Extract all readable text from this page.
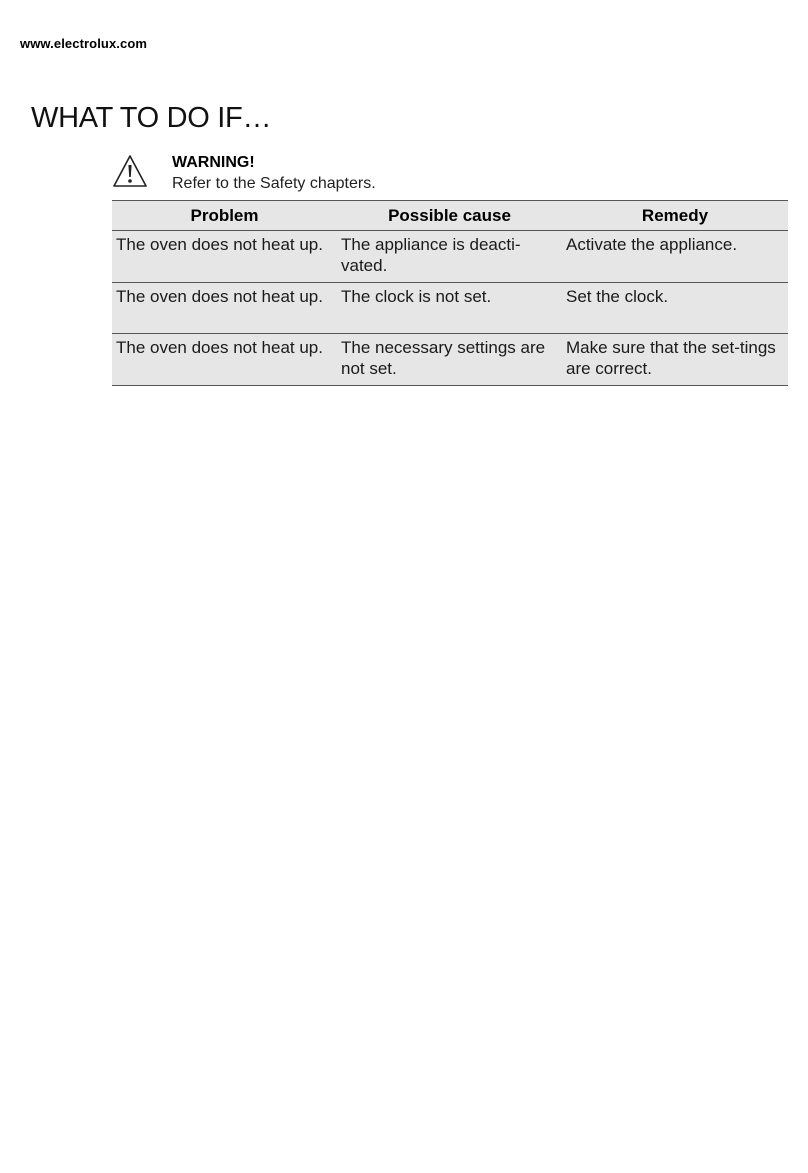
www.electrolux.com
WHAT TO DO IF…
WARNING!
Refer to the Safety chapters.
Problem	Possible cause	Remedy
The oven does not heat up.	The appliance is deacti-vated.	Activate the appliance.
The oven does not heat up.	The clock is not set.	Set the clock.
The oven does not heat up.	The necessary settings are not set.	Make sure that the set-tings are correct.
